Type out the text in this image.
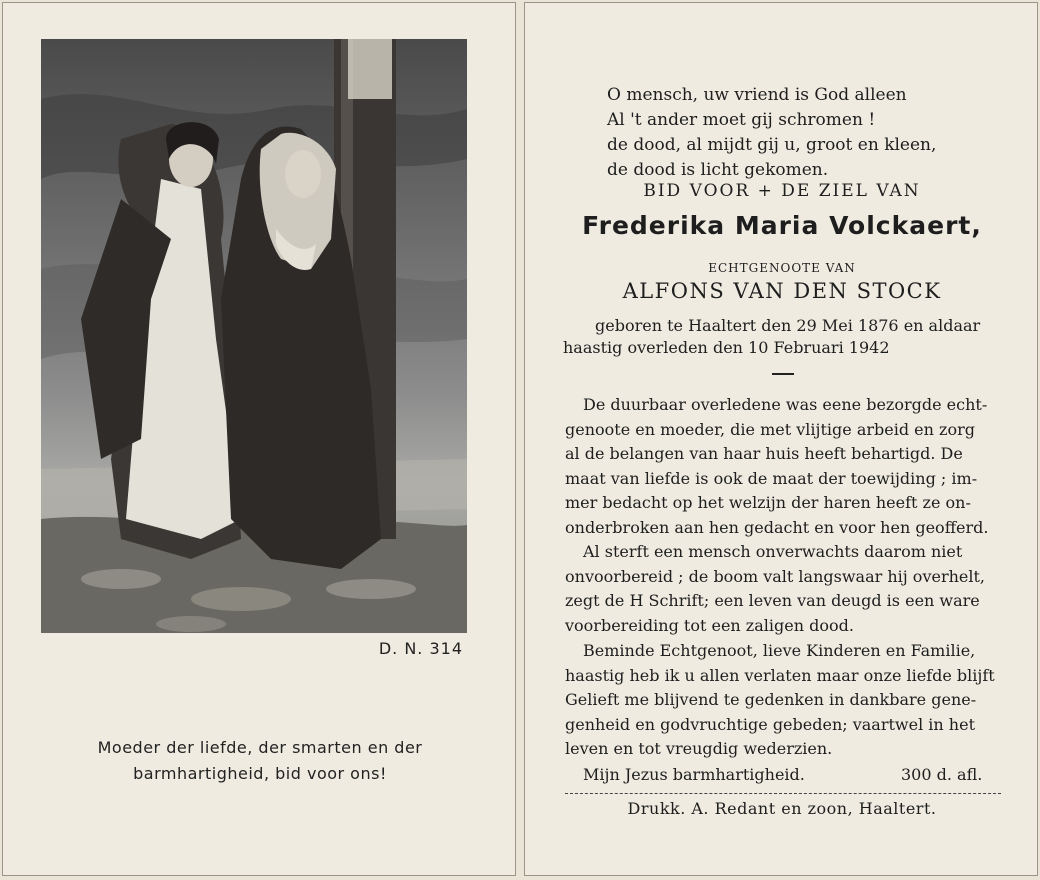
D. N. 314
Moeder der liefde, der smarten en der
barmhartigheid, bid voor ons!
O mensch, uw vriend is God alleen
Al 't ander moet gij schromen !
de dood, al mijdt gij u, groot en kleen,
de dood is licht gekomen.
BID VOOR + DE ZIEL VAN
Frederika Maria Volckaert,
ECHTGENOOTE VAN
ALFONS VAN DEN STOCK
geboren te Haaltert den 29 Mei 1876 en aldaar
haastig overleden den 10 Februari 1942
De duurbaar overledene was eene bezorgde echt-
genoote en moeder, die met vlijtige arbeid en zorg
al de belangen van haar huis heeft behartigd. De
maat van liefde is ook de maat der toewijding ; im-
mer bedacht op het welzijn der haren heeft ze on-
onderbroken aan hen gedacht en voor hen geofferd.
Al sterft een mensch onverwachts daarom niet
onvoorbereid ; de boom valt langswaar hij overhelt,
zegt de H Schrift; een leven van deugd is een ware
voorbereiding tot een zaligen dood.
Beminde Echtgenoot, lieve Kinderen en Familie,
haastig heb ik u allen verlaten maar onze liefde blijft
Gelieft me blijvend te gedenken in dankbare gene-
genheid en godvruchtige gebeden; vaartwel in het
leven en tot vreugdig wederzien.
Mijn Jezus barmhartigheid.	300 d. afl.
Drukk. A. Redant en zoon, Haaltert.
